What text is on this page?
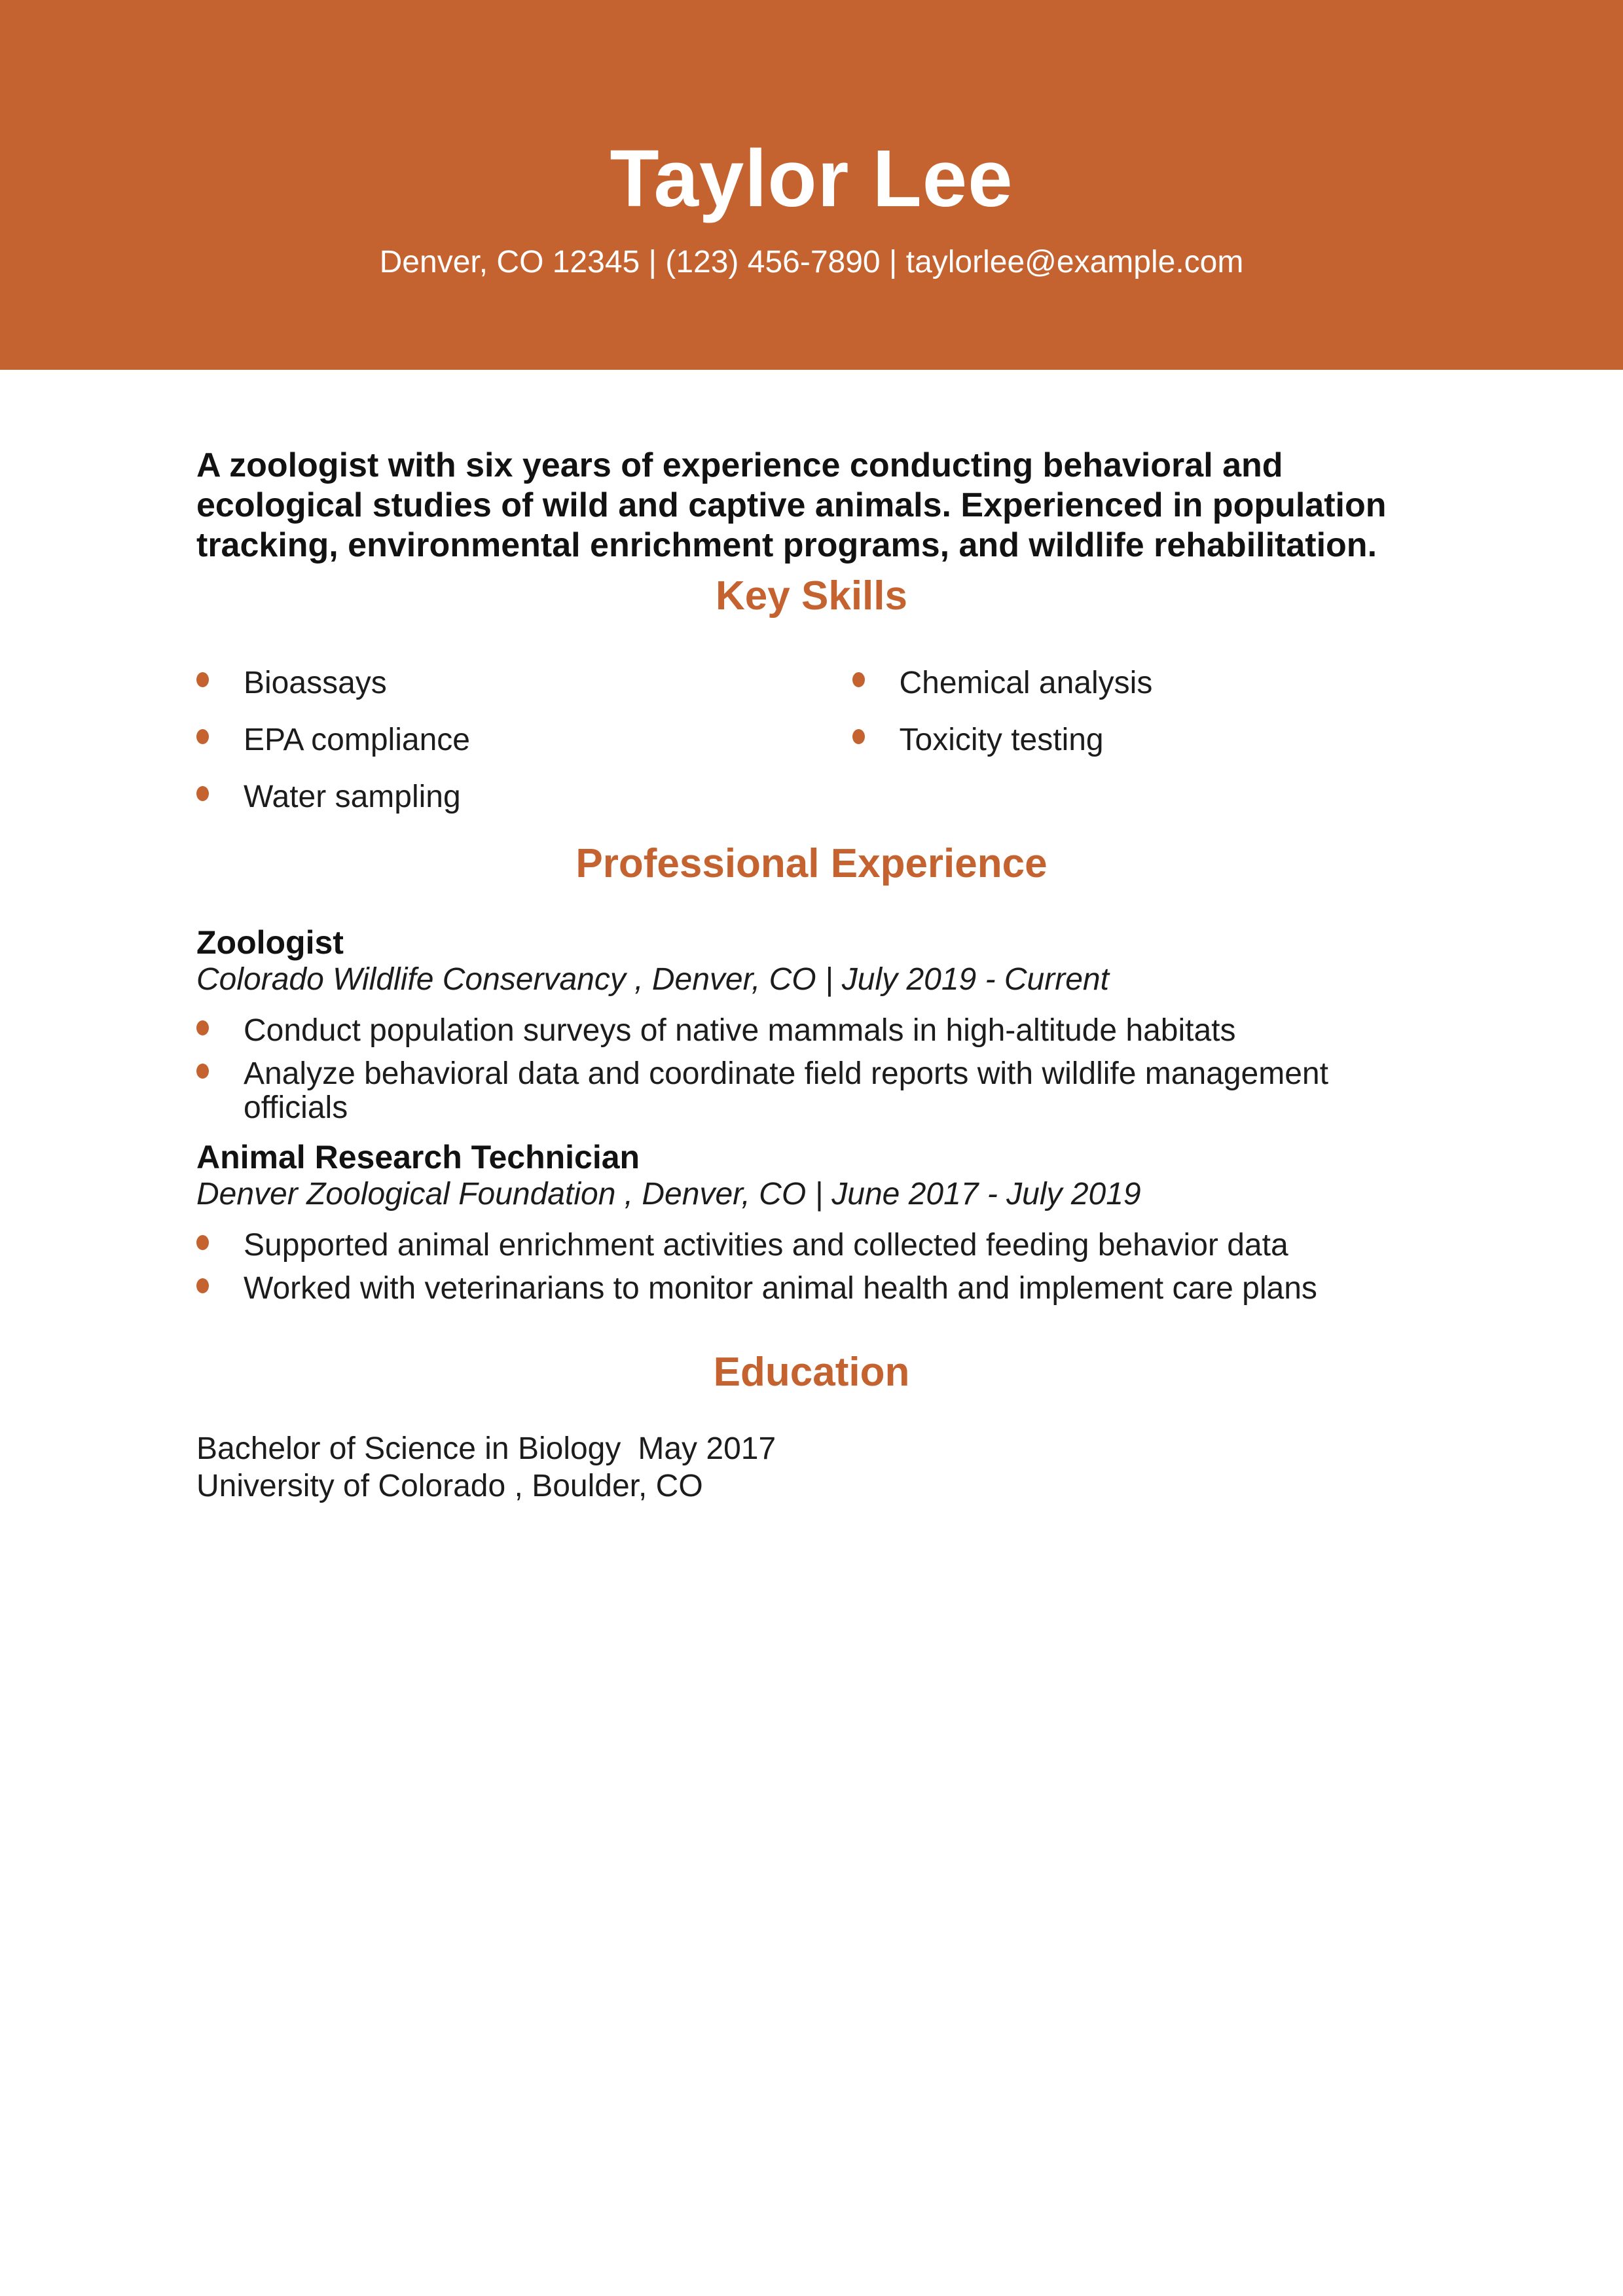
Taylor Lee

Denver, CO 12345 | (123) 456-7890 | taylorlee@example.com

A zoologist with six years of experience conducting behavioral and ecological studies of wild and captive animals. Experienced in population tracking, environmental enrichment programs, and wildlife rehabilitation.

Key Skills
Bioassays
EPA compliance
Water sampling
Chemical analysis
Toxicity testing
Professional Experience
Zoologist

Colorado Wildlife Conservancy , Denver, CO | July 2019 - Current

Conduct population surveys of native mammals in high-altitude habitats
Analyze behavioral data and coordinate field reports with wildlife management officials
Animal Research Technician

Denver Zoological Foundation , Denver, CO | June 2017 - July 2019

Supported animal enrichment activities and collected feeding behavior data
Worked with veterinarians to monitor animal health and implement care plans
Education

Bachelor of Science in Biology May 2017

University of Colorado , Boulder, CO
